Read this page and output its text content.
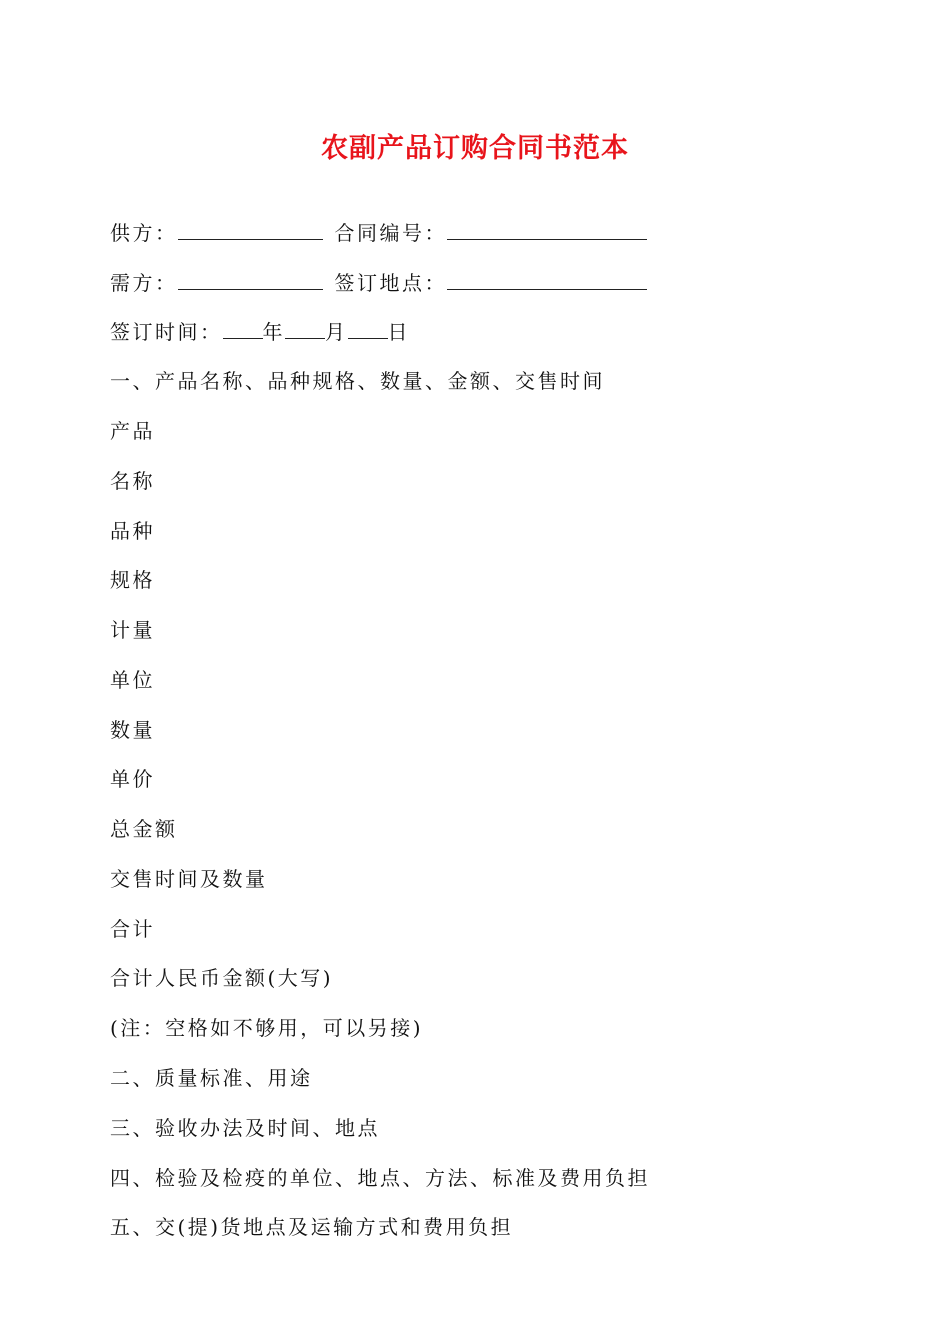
农副产品订购合同书范本
供方：	合同编号：
需方：	签订地点：
签订时间： 年 月 日
一、产品名称、品种规格、数量、金额、交售时间
产品
名称
品种
规格
计量
单位
数量
单价
总金额
交售时间及数量
合计
合计人民币金额(大写)
(注：空格如不够用，可以另接)
二、质量标准、用途
三、验收办法及时间、地点
四、检验及检疫的单位、地点、方法、标准及费用负担
五、交(提)货地点及运输方式和费用负担
